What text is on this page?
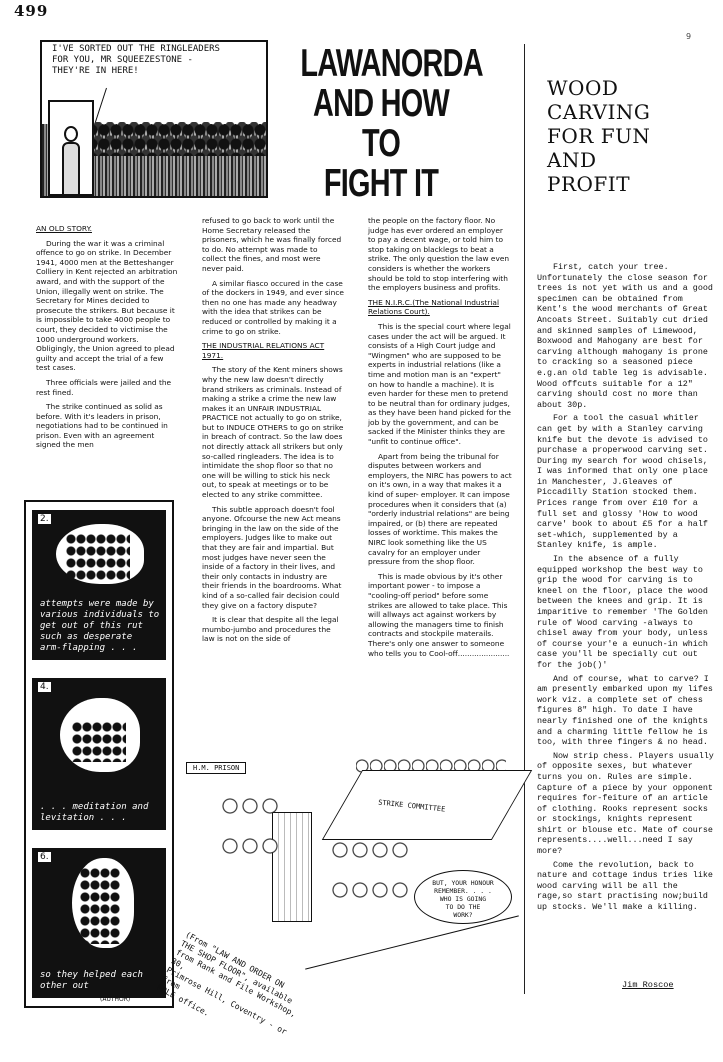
499
9
I'VE SORTED OUT THE RINGLEADERS
FOR YOU, MR SQUEEZESTONE -
THEY'RE IN HERE!	LAWANORDA
AND HOW TO
FIGHT IT
WOOD
CARVING
FOR FUN
AND
PROFIT
AN OLD STORY.

During the war it was a criminal offence to go on strike. In December 1941, 4000 men at the Betteshanger Colliery in Kent rejected an arbitration award, and with the support of the Union, illegally went on strike. The Secretary for Mines decided to prosecute the strikers. But because it is impossible to take 4000 people to court, they decided to victimise the 1000 underground workers. Obligingly, the Union agreed to plead guilty and accept the trial of a few test cases.

Three officials were jailed and the rest fined.

The strike continued as solid as before. With it's leaders in prison, negotiations had to be continued in prison. Even with an agreement signed the men

refused to go back to work until the Home Secretary released the prisoners, which he was finally forced to do. No attempt was made to collect the fines, and most were never paid.

A similar fiasco occured in the case of the dockers in 1949, and ever since then no one has made any headway with the idea that strikes can be reduced or controlled by making it a crime to go on strike.

THE INDUSTRIAL RELATIONS ACT 1971.

The story of the Kent miners shows why the new law doesn't directly brand strikers as criminals. Instead of making a strike a crime the new law makes it an UNFAIR INDUSTRIAL PRACTICE not actually to go on strike, but to INDUCE OTHERS to go on strike in breach of contract. So the law does not directly attack all strikers but only so-called ringleaders. The idea is to intimidate the shop floor so that no one will be willing to stick his neck out, to speak at meetings or to be elected to any strike committee.

This subtle approach doesn't fool anyone. Ofcourse the new Act means bringing in the law on the side of the employers. Judges like to make out that they are fair and impartial. But most judges have never seen the inside of a factory in their lives, and their only contacts in industry are their friends in the boardrooms. What kind of a so-called fair decision could they give on a factory dispute?

It is clear that despite all the legal mumbo-jumbo and procedures the law is not on the side of

the people on the factory floor. No judge has ever ordered an employer to pay a decent wage, or told him to stop taking on blacklegs to beat a strike. The only question the law even considers is whether the workers should be told to stop interfering with the employers business and profits.

THE N.I.R.C.(The National Industrial Relations Court).

This is the special court where legal cases under the act will be argued. It consists of a High Court judge and "Wingmen" who are supposed to be experts in industrial relations (like a time and motion man is an "expert" on how to handle a machine). It is even harder for these men to pretend to be neutral than for ordinary judges, as they have been hand picked for the job by the government, and can be sacked if the Minister thinks they are "unfit to continue office".

Apart from being the tribunal for disputes between workers and employers, the NIRC has powers to act on it's own, in a way that makes it a kind of super- employer. It can impose procedures when it considers that (a) "orderly industrial relations" are being impaired, or (b) there are repeated losses of worktime. This makes the NIRC look something like the US cavalry for an employer under pressure from the shop floor.

This is made obvious by it's other important power - to impose a "cooling-off period" before some strikes are allowed to take place. This will allways act against workers by allowing the managers time to finish contracts and stockpile materails. There's only one answer to someone who tells you to Cool-off......................

First, catch your tree. Unfortunately the close season for trees is not yet with us and a good specimen can be obtained from Kent's the wood merchants of Great Ancoats Street. Suitably cut dried and skinned samples of Limewood, Boxwood and Mahogany are best for carving although mahogany is prone to cracking so a seasoned piece e.g.an old table leg is advisable. Wood offcuts suitable for a 12" carving should cost no more than about 30p.

For a tool the casual whitler can get by with a Stanley carving knife but the devote is advised to purchase a properwood carving set. During my search for wood chisels, I was informed that only one place in Manchester, J.Gleaves of Piccadilly Station stocked them. Prices range from over £10 for a full set and glossy 'How to wood carve' book to about £5 for a half set-which, supplemented by a Stanley knife, is ample.

In the absence of a fully equipped workshop the best way to grip the wood for carving is to kneel on the floor, place the wood between the knees and grip. It is imparitive to remember 'The Golden rule of Wood carving -always to chisel away from your body, unless of course your'e a eunuch-in which case you'll be specially cut out for the job()'

And of course, what to carve? I am presently embarked upon my lifes work viz. a complete set of chess figures 8" high. To date I have nearly finished one of the knights and a charming little fellow he is too, with three fingers & no head.

Now strip chess. Players usually of opposite sexes, but whatever turns you on. Rules are simple. Capture of a piece by your opponent requires for-feiture of an article of clothing. Rooks represent socks or stockings, knights represent shirt or blouse etc. Mate of course represents....well...need I say more?

Come the revolution, back to nature and cottage indus tries like wood carving will be all the rage,so start practising now;build up stocks. We'll make a killing.

Jim Roscoe
2.
attempts were made by
various individuals to
get out of this rut
such as desperate
arm-flapping . . .
4.
. . . meditation and
levitation . . .
6.
so they helped each
other out
(AUTHOR)
H.M. PRISON
STRIKE COMMITTEE
BUT, YOUR HONOUR
REMEMBER. . . .
WHO IS GOING
TO DO THE
WORK?
(From "LAW AND ORDER ON
THE SHOP FLOOR", available
from Rank and File Workshop, 30,
Primrose Hill, Coventry - or from
MOLE office.
